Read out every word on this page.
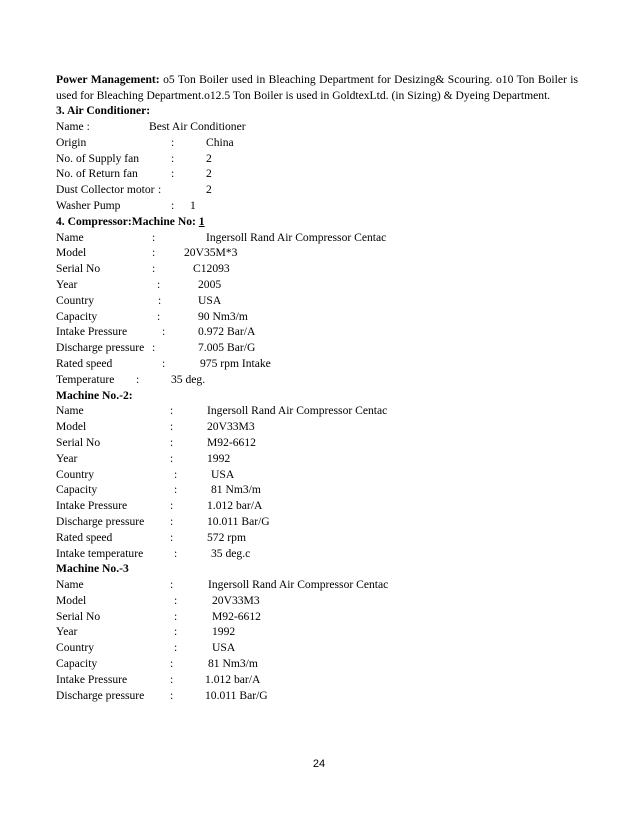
Power Management: o5 Ton Boiler used in Bleaching Department for Desizing& Scouring. o10 Ton Boiler is used for Bleaching Department.o12.5 Ton Boiler is used in GoldtexLtd. (in Sizing) & Dyeing Department.

3. Air Conditioner:
Name :	Best Air Conditioner
Origin	:	China
No. of Supply fan	:	2
No. of Return fan	:	2
Dust Collector motor :	2
Washer Pump	: 1
4. Compressor:Machine No: 1
Name	:	Ingersoll Rand Air Compressor Centac
Model	: 20V35M*3
Serial No	:	C12093
Year	:	2005
Country	:	USA
Capacity	:	90 Nm3/m
Intake Pressure	:	0.972 Bar/A
Discharge pressure :	7.005 Bar/G
Rated speed	:	975 rpm Intake
Temperature :	35 deg.
Machine No.-2:
Name	:	Ingersoll Rand Air Compressor Centac
Model	:	20V33M3
Serial No	:	M92-6612
Year	:	1992
Country	:	USA
Capacity	:	81 Nm3/m
Intake Pressure	:	1.012 bar/A
Discharge pressure :	10.011 Bar/G
Rated speed	:	572 rpm
Intake temperature	:	35 deg.c
Machine No.-3
Name	:	Ingersoll Rand Air Compressor Centac
Model	:	20V33M3
Serial No	:	M92-6612
Year	:	1992
Country	:	USA
Capacity	:	81 Nm3/m
Intake Pressure	:	1.012 bar/A
Discharge pressure :	10.011 Bar/G
24
